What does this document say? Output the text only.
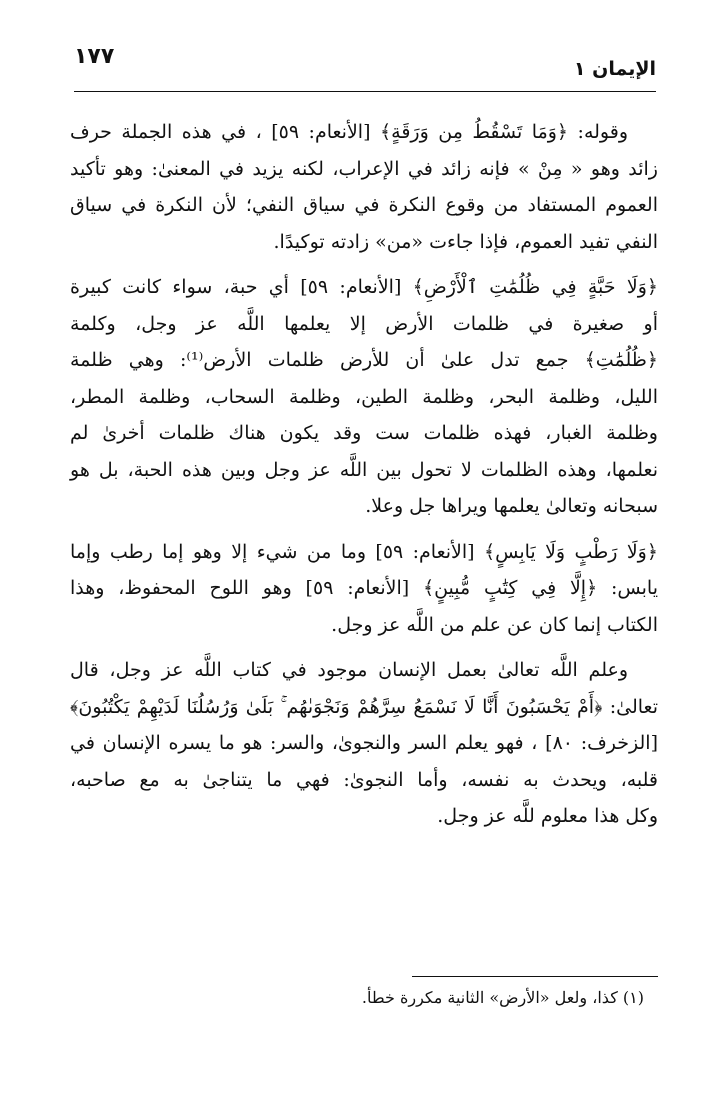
الإيمان ١
١٧٧
وقوله: ﴿وَمَا تَسْقُطُ مِن وَرَقَةٍ﴾ [الأنعام: ٥٩] ، في هذه الجملة حرف
زائد وهو « مِنْ » فإنه زائد في الإعراب، لكنه يزيد في المعنىٰ: وهو تأكيد
العموم المستفاد من وقوع النكرة في سياق النفي؛ لأن النكرة في سياق
النفي تفيد العموم، فإذا جاءت «من» زادته توكيدًا.
﴿وَلَا حَبَّةٍ فِي ظُلُمَٰتِ ٱلْأَرْضِ﴾ [الأنعام: ٥٩] أي حبة، سواء كانت كبيرة
أو صغيرة في ظلمات الأرض إلا يعلمها اللَّه عز وجل، وكلمة
﴿ظُلُمَٰتِ﴾ جمع تدل علىٰ أن للأرض ظلمات الأرض⁽¹⁾: وهي ظلمة
الليل، وظلمة البحر، وظلمة الطين، وظلمة السحاب، وظلمة المطر،
وظلمة الغبار، فهذه ظلمات ست وقد يكون هناك ظلمات أخرىٰ لم
نعلمها، وهذه الظلمات لا تحول بين اللَّه عز وجل وبين هذه الحبة، بل هو
سبحانه وتعالىٰ يعلمها ويراها جل وعلا.
﴿وَلَا رَطْبٍ وَلَا يَابِسٍ﴾ [الأنعام: ٥٩] وما من شيء إلا وهو إما رطب وإما
يابس: ﴿إِلَّا فِي كِتَٰبٍ مُّبِينٍ﴾ [الأنعام: ٥٩] وهو اللوح المحفوظ، وهذا
الكتاب إنما كان عن علم من اللَّه عز وجل.
وعلم اللَّه تعالىٰ بعمل الإنسان موجود في كتاب اللَّه عز وجل، قال
تعالىٰ: ﴿أَمْ يَحْسَبُونَ أَنَّا لَا نَسْمَعُ سِرَّهُمْ وَنَجْوَىٰهُم ۚ بَلَىٰ وَرُسُلُنَا لَدَيْهِمْ يَكْتُبُونَ﴾
[الزخرف: ٨٠] ، فهو يعلم السر والنجوىٰ، والسر: هو ما يسره الإنسان في
قلبه، ويحدث به نفسه، وأما النجوىٰ: فهي ما يتناجىٰ به مع صاحبه،
وكل هذا معلوم للَّه عز وجل.
(١) كذا، ولعل «الأرض» الثانية مكررة خطأ.
